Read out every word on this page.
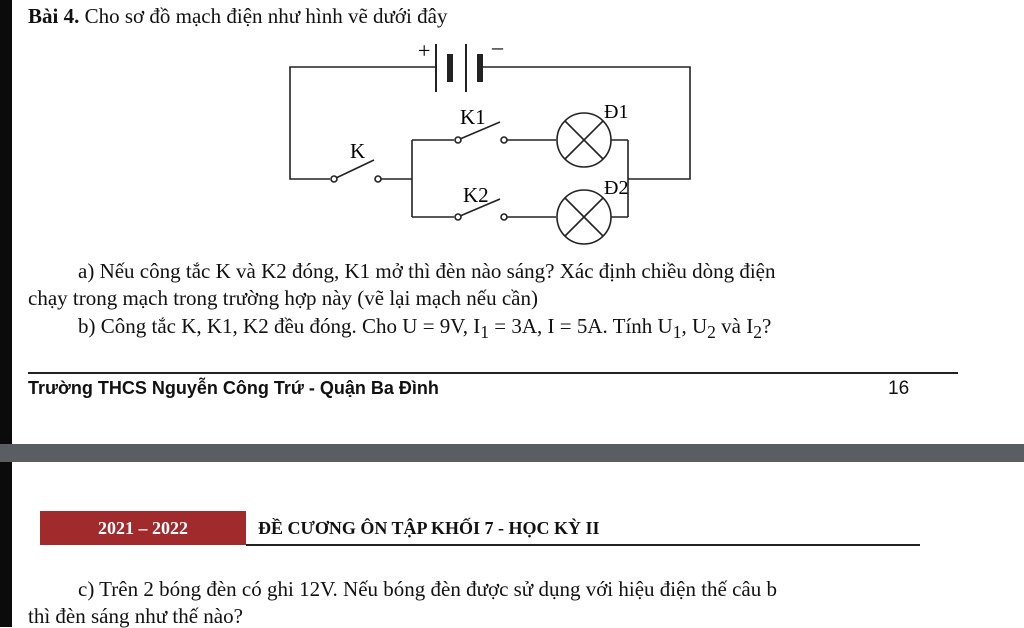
Bài 4. Cho sơ đồ mạch điện như hình vẽ dưới đây
+	–
K
K1
K2
Đ1
Đ2
a) Nếu công tắc K và K2 đóng, K1 mở thì đèn nào sáng? Xác định chiều dòng điện
chạy trong mạch trong trường hợp này (vẽ lại mạch nếu cần)
b) Công tắc K, K1, K2 đều đóng. Cho U = 9V, $I_1 = 3A$, I = 5A. Tính $U_1$, $U_2$ và $I_2$?
Trường THCS Nguyễn Công Trứ - Quận Ba Đình	16
2021 – 2022	ĐỀ CƯƠNG ÔN TẬP KHỐI 7 - HỌC KỲ II
c) Trên 2 bóng đèn có ghi 12V. Nếu bóng đèn được sử dụng với hiệu điện thế câu b
thì đèn sáng như thế nào?
